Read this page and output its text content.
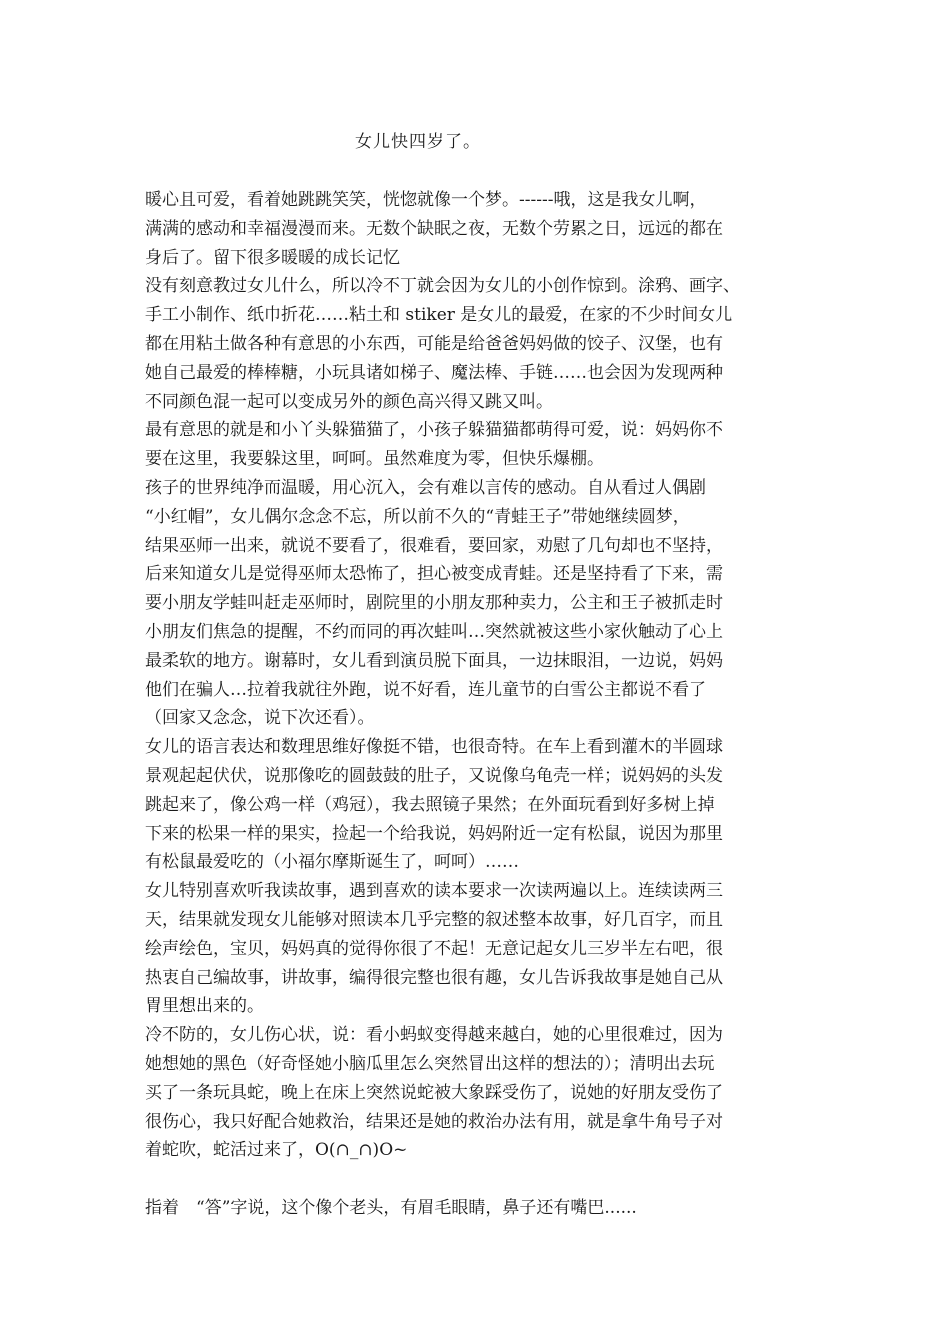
女儿快四岁了。
暖心且可爱，看着她跳跳笑笑，恍惚就像一个梦。------哦，这是我女儿啊，
满满的感动和幸福漫漫而来。无数个缺眠之夜，无数个劳累之日，远远的都在
身后了。留下很多暖暖的成长记忆
没有刻意教过女儿什么，所以冷不丁就会因为女儿的小创作惊到。涂鸦、画字、
手工小制作、纸巾折花……粘土和 stiker 是女儿的最爱，在家的不少时间女儿
都在用粘土做各种有意思的小东西，可能是给爸爸妈妈做的饺子、汉堡，也有
她自己最爱的棒棒糖，小玩具诸如梯子、魔法棒、手链……也会因为发现两种
不同颜色混一起可以变成另外的颜色高兴得又跳又叫。
最有意思的就是和小丫头躲猫猫了，小孩子躲猫猫都萌得可爱，说：妈妈你不
要在这里，我要躲这里，呵呵。虽然难度为零，但快乐爆棚。
孩子的世界纯净而温暖，用心沉入，会有难以言传的感动。自从看过人偶剧
“小红帽”，女儿偶尔念念不忘，所以前不久的“青蛙王子”带她继续圆梦，
结果巫师一出来，就说不要看了，很难看，要回家，劝慰了几句却也不坚持，
后来知道女儿是觉得巫师太恐怖了，担心被变成青蛙。还是坚持看了下来，需
要小朋友学蛙叫赶走巫师时，剧院里的小朋友那种卖力，公主和王子被抓走时
小朋友们焦急的提醒，不约而同的再次蛙叫…突然就被这些小家伙触动了心上
最柔软的地方。谢幕时，女儿看到演员脱下面具，一边抹眼泪，一边说，妈妈
他们在骗人…拉着我就往外跑，说不好看，连儿童节的白雪公主都说不看了
（回家又念念，说下次还看）。
女儿的语言表达和数理思维好像挺不错，也很奇特。在车上看到灌木的半圆球
景观起起伏伏，说那像吃的圆鼓鼓的肚子，又说像乌龟壳一样；说妈妈的头发
跳起来了，像公鸡一样（鸡冠），我去照镜子果然；在外面玩看到好多树上掉
下来的松果一样的果实，捡起一个给我说，妈妈附近一定有松鼠，说因为那里
有松鼠最爱吃的（小福尔摩斯诞生了，呵呵）……
女儿特别喜欢听我读故事，遇到喜欢的读本要求一次读两遍以上。连续读两三
天，结果就发现女儿能够对照读本几乎完整的叙述整本故事，好几百字，而且
绘声绘色，宝贝，妈妈真的觉得你很了不起！无意记起女儿三岁半左右吧，很
热衷自己编故事，讲故事，编得很完整也很有趣，女儿告诉我故事是她自己从
胃里想出来的。
冷不防的，女儿伤心状，说：看小蚂蚁变得越来越白，她的心里很难过，因为
她想她的黑色（好奇怪她小脑瓜里怎么突然冒出这样的想法的）；清明出去玩
买了一条玩具蛇，晚上在床上突然说蛇被大象踩受伤了，说她的好朋友受伤了
很伤心，我只好配合她救治，结果还是她的救治办法有用，就是拿牛角号子对
着蛇吹，蛇活过来了，O(∩_∩)O~
指着　“答”字说，这个像个老头，有眉毛眼睛，鼻子还有嘴巴......
